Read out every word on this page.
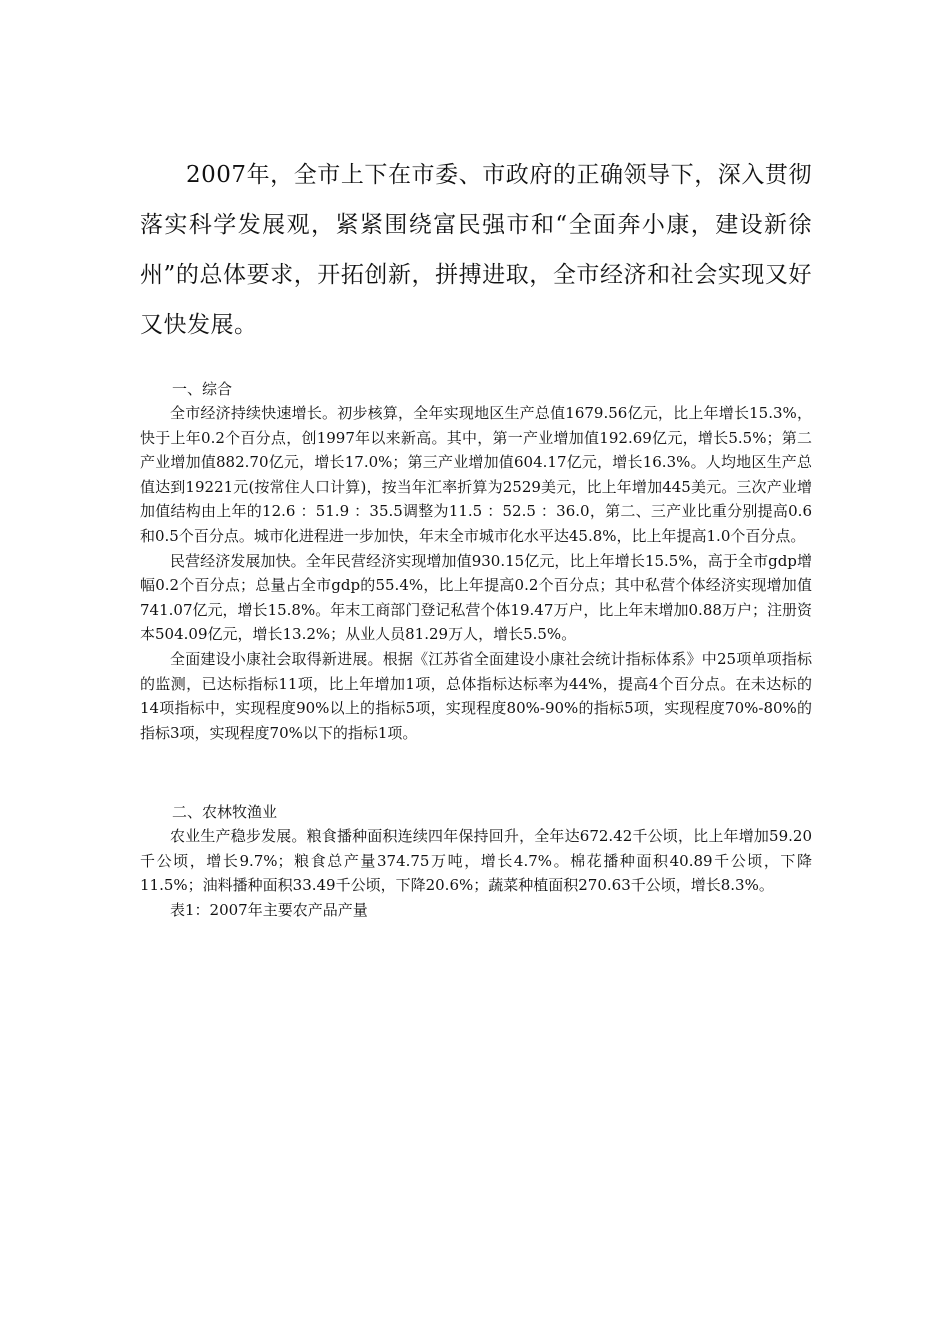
2007年，全市上下在市委、市政府的正确领导下，深入贯彻落实科学发展观，紧紧围绕富民强市和“全面奔小康，建设新徐州”的总体要求，开拓创新，拼搏进取，全市经济和社会实现又好又快发展。

一、综合

全市经济持续快速增长。初步核算，全年实现地区生产总值1679.56亿元，比上年增长15.3%，快于上年0.2个百分点，创1997年以来新高。其中，第一产业增加值192.69亿元，增长5.5%；第二产业增加值882.70亿元，增长17.0%；第三产业增加值604.17亿元，增长16.3%。人均地区生产总值达到19221元(按常住人口计算)，按当年汇率折算为2529美元，比上年增加445美元。三次产业增加值结构由上年的12.6 ：51.9 ：35.5调整为11.5 ：52.5 ：36.0，第二、三产业比重分别提高0.6和0.5个百分点。城市化进程进一步加快，年末全市城市化水平达45.8%，比上年提高1.0个百分点。

民营经济发展加快。全年民营经济实现增加值930.15亿元，比上年增长15.5%，高于全市gdp增幅0.2个百分点；总量占全市gdp的55.4%，比上年提高0.2个百分点；其中私营个体经济实现增加值741.07亿元，增长15.8%。年末工商部门登记私营个体19.47万户，比上年末增加0.88万户；注册资本504.09亿元，增长13.2%；从业人员81.29万人，增长5.5%。

全面建设小康社会取得新进展。根据《江苏省全面建设小康社会统计指标体系》中25项单项指标的监测，已达标指标11项，比上年增加1项，总体指标达标率为44%，提高4个百分点。在未达标的14项指标中，实现程度90%以上的指标5项，实现程度80%-90%的指标5项，实现程度70%-80%的指标3项，实现程度70%以下的指标1项。

二、农林牧渔业

农业生产稳步发展。粮食播种面积连续四年保持回升，全年达672.42千公顷，比上年增加59.20千公顷，增长9.7%；粮食总产量374.75万吨，增长4.7%。棉花播种面积40.89千公顷，下降11.5%；油料播种面积33.49千公顷，下降20.6%；蔬菜种植面积270.63千公顷，增长8.3%。

表1：2007年主要农产品产量
